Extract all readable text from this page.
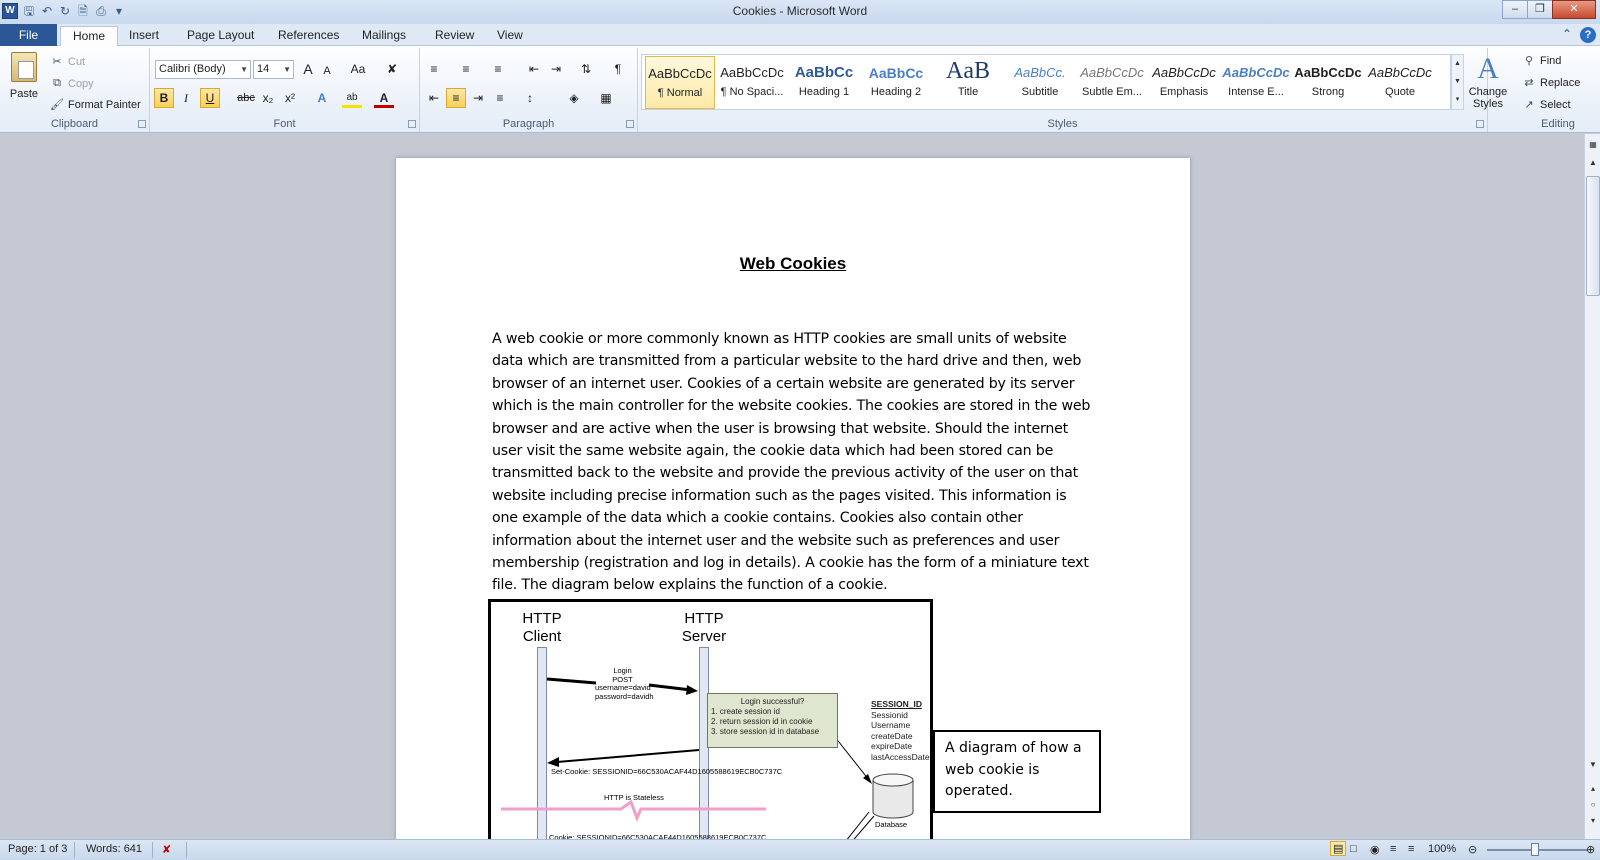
W 🖫 ↶ ↻ 🗎 ⎙ ▾	Cookies - Microsoft Word	–	❐	✕
File	Home	Insert	Page Layout	References	Mailings	Review	View	⌃	?
Paste
✂ Cut
⧉ Copy
🖌 Format Painter
Clipboard
Calibri (Body) ▼ 14 ▼ A A	Aa	✘
B	I	U	abc x₂ x²	A	ab	A
Font
≡	≡	≡	⇤ ⇥	⇅	¶
⇤	≡	⇥	≡	↕	◈	▦
Paragraph	Styles
AaBbCcDc
¶ Normal
AaBbCcDc
¶ No Spaci...
AaBbCc
Heading 1
AaBbCc
Heading 2
AaB
Title
AaBbCc.
Subtitle
AaBbCcDc
Subtle Em...
AaBbCcDc
Emphasis
AaBbCcDc
Intense E...
AaBbCcDc
Strong
AaBbCcDc
Quote
▲
▼
▾
A
Change
Styles
⚲ Find
⇄ Replace
↗ Select
Editing
Web Cookies
A web cookie or more commonly known as HTTP cookies are small units of website data which are transmitted from a particular website to the hard drive and then, web browser of an internet user. Cookies of a certain website are generated by its server which is the main controller for the website cookies. The cookies are stored in the web browser and are active when the user is browsing that website. Should the internet user visit the same website again, the cookie data which had been stored can be transmitted back to the website and provide the previous activity of the user on that website including precise information such as the pages visited. This information is one example of the data which a cookie contains. Cookies also contain other information about the internet user and the website such as preferences and user membership (registration and log in details). A cookie has the form of a miniature text file. The diagram below explains the function of a cookie.
HTTP
Client
HTTP
Server
Login
POST
username=david
password=davidh
Login successful?
1. create session id
2. return session id in cookie
3. store session id in database
SESSION_ID
Sessionid
Username
createDate
expireDate
lastAccessDate
Database
Set-Cookie: SESSIONID=66C530ACAF44D1605588619ECB0C737C
HTTP is Stateless
Cookie: SESSIONID=66C530ACAF44D1605588619ECB0C737C
A diagram of how a web cookie is operated.
▦
▲
▼
▴
○
▾
Page: 1 of 3 Words: 641 ✘	▤ □ ◉ ≡ ≡ 100% ⊝	⊕
